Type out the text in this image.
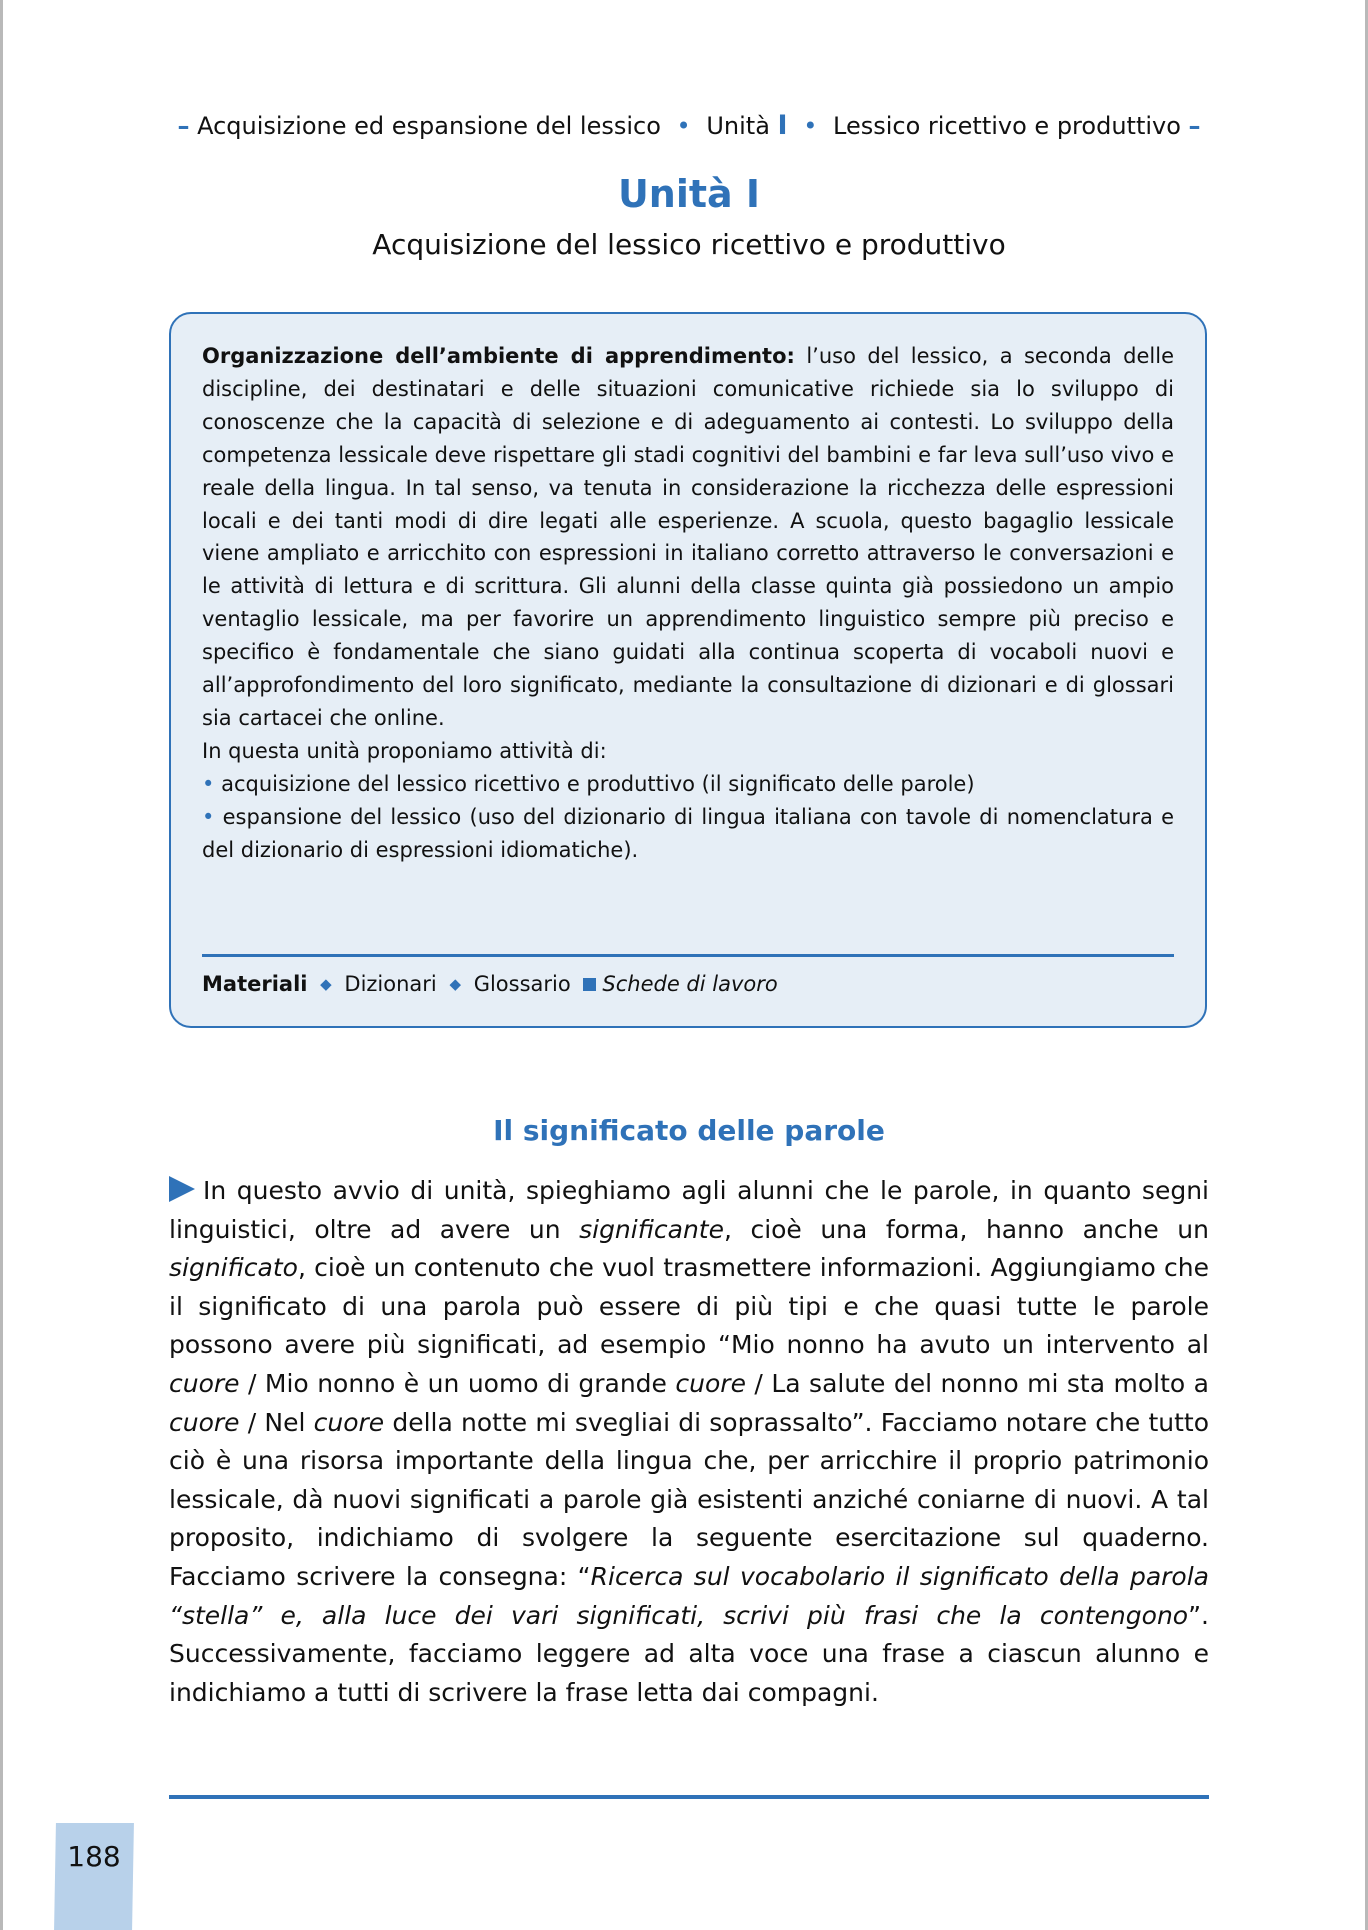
– Acquisizione ed espansione del lessico • Unità I • Lessico ricettivo e produttivo –
Unità I
Acquisizione del lessico ricettivo e produttivo
Organizzazione dell’ambiente di apprendimento: l’uso del lessico, a seconda delle discipline, dei destinatari e delle situazioni comunicative richiede sia lo sviluppo di conoscenze che la capacità di selezione e di adeguamento ai contesti. Lo sviluppo della competenza lessicale deve rispettare gli stadi cognitivi del bambini e far leva sull’uso vivo e reale della lingua. In tal senso, va tenuta in considerazione la ricchezza delle espressioni locali e dei tanti modi di dire legati alle esperienze. A scuola, questo bagaglio lessicale viene ampliato e arricchito con espressioni in italiano corretto attraverso le conversazioni e le attività di lettura e di scrittura. Gli alunni della classe quinta già possiedono un ampio ventaglio lessicale, ma per favorire un apprendimento linguistico sempre più preciso e specifico è fondamentale che siano guidati alla continua scoperta di vocaboli nuovi e all’approfondimento del loro significato, mediante la consultazione di dizionari e di glossari sia cartacei che online.
In questa unità proponiamo attività di:
• acquisizione del lessico ricettivo e produttivo (il significato delle parole)
• espansione del lessico (uso del dizionario di lingua italiana con tavole di nomenclatura e del dizionario di espressioni idiomatiche).
Materiali ◆ Dizionari ◆ Glossario Schede di lavoro
Il significato delle parole
In questo avvio di unità, spieghiamo agli alunni che le parole, in quanto segni linguistici, oltre ad avere un significante, cioè una forma, hanno anche un significato, cioè un contenuto che vuol trasmettere informazioni. Aggiungiamo che il significato di una parola può essere di più tipi e che quasi tutte le parole possono avere più significati, ad esempio “Mio nonno ha avuto un intervento al cuore / Mio nonno è un uomo di grande cuore / La salute del nonno mi sta molto a cuore / Nel cuore della notte mi svegliai di soprassalto”. Facciamo notare che tutto ciò è una risorsa importante della lingua che, per arricchire il proprio patrimonio lessicale, dà nuovi significati a parole già esistenti anziché coniarne di nuovi. A tal proposito, indichiamo di svolgere la seguente esercitazione sul quaderno. Facciamo scrivere la consegna: “Ricerca sul vocabolario il significato della parola “stella” e, alla luce dei vari significati, scrivi più frasi che la contengono”. Successivamente, facciamo leggere ad alta voce una frase a ciascun alunno e indichiamo a tutti di scrivere la frase letta dai compagni.
188
